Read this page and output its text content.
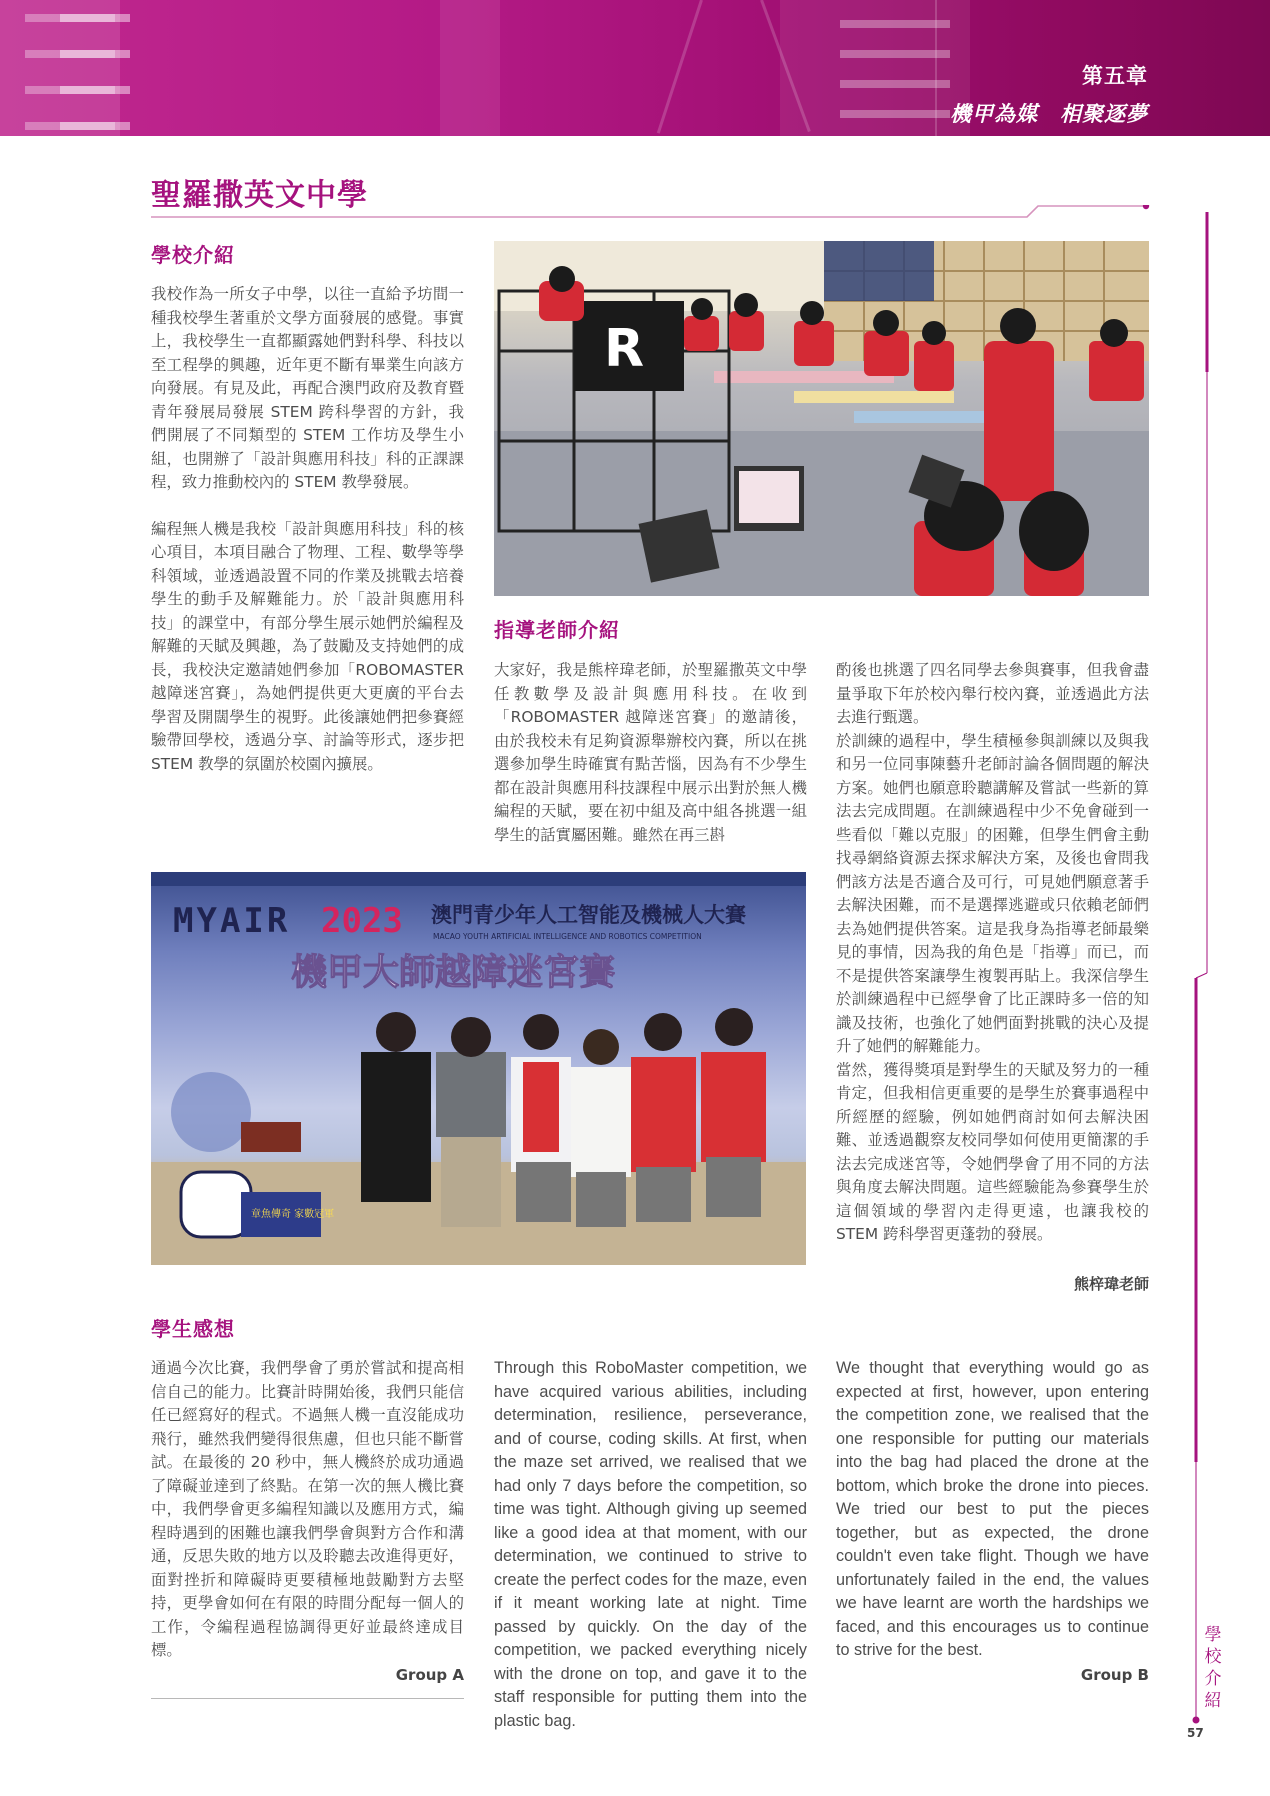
第五章
機甲為媒　相聚逐夢
聖羅撒英文中學
學
校
介
紹
57
學校介紹

我校作為一所女子中學，以往一直給予坊間一種我校學生著重於文學方面發展的感覺。事實上，我校學生一直都顯露她們對科學、科技以至工程學的興趣，近年更不斷有畢業生向該方向發展。有見及此，再配合澳門政府及教育暨青年發展局發展 STEM 跨科學習的方針，我們開展了不同類型的 STEM 工作坊及學生小組，也開辦了「設計與應用科技」科的正課課程，致力推動校內的 STEM 教學發展。

編程無人機是我校「設計與應用科技」科的核心項目，本項目融合了物理、工程、數學等學科領域，並透過設置不同的作業及挑戰去培養學生的動手及解難能力。於「設計與應用科技」的課堂中，有部分學生展示她們於編程及解難的天賦及興趣，為了鼓勵及支持她們的成長，我校決定邀請她們參加「ROBOMASTER 越障迷宮賽」，為她們提供更大更廣的平台去學習及開闊學生的視野。此後讓她們把參賽經驗帶回學校，透過分享、討論等形式，逐步把 STEM 教學的氛圍於校園內擴展。

R
指導老師介紹

大家好，我是熊梓瑋老師，於聖羅撒英文中學任教數學及設計與應用科技。在收到「ROBOMASTER 越障迷宮賽」的邀請後，由於我校未有足夠資源舉辦校內賽，所以在挑選參加學生時確實有點苦惱，因為有不少學生都在設計與應用科技課程中展示出對於無人機編程的天賦，要在初中組及高中組各挑選一組學生的話實屬困難。雖然在再三斟

酌後也挑選了四名同學去參與賽事，但我會盡量爭取下年於校內舉行校內賽，並透過此方法去進行甄選。

於訓練的過程中，學生積極參與訓練以及與我和另一位同事陳藝升老師討論各個問題的解決方案。她們也願意聆聽講解及嘗試一些新的算法去完成問題。在訓練過程中少不免會碰到一些看似「難以克服」的困難，但學生們會主動找尋網絡資源去探求解決方案，及後也會問我們該方法是否適合及可行，可見她們願意著手去解決困難，而不是選擇逃避或只依賴老師們去為她們提供答案。這是我身為指導老師最樂見的事情，因為我的角色是「指導」而已，而不是提供答案讓學生複製再貼上。我深信學生於訓練過程中已經學會了比正課時多一倍的知識及技術，也強化了她們面對挑戰的決心及提升了她們的解難能力。

當然，獲得獎項是對學生的天賦及努力的一種肯定，但我相信更重要的是學生於賽事過程中所經歷的經驗，例如她們商討如何去解決困難、並透過觀察友校同學如何使用更簡潔的手法去完成迷宮等，令她們學會了用不同的方法與角度去解決問題。這些經驗能為參賽學生於這個領域的學習內走得更遠，也讓我校的 STEM 跨科學習更蓬勃的發展。

熊梓瑋老師
MYAIR 2023 澳門青少年人工智能及機械人大賽
MACAO YOUTH ARTIFICIAL INTELLIGENCE AND ROBOTICS COMPETITION
機甲大師越障迷宮賽
章魚傳奇 家數冠軍
學生感想

通過今次比賽，我們學會了勇於嘗試和提高相信自己的能力。比賽計時開始後，我們只能信任已經寫好的程式。不過無人機一直沒能成功飛行，雖然我們變得很焦慮，但也只能不斷嘗試。在最後的 20 秒中，無人機終於成功通過了障礙並達到了終點。在第一次的無人機比賽中，我們學會更多編程知識以及應用方式，編程時遇到的困難也讓我們學會與對方合作和溝通，反思失敗的地方以及聆聽去改進得更好，面對挫折和障礙時更要積極地鼓勵對方去堅持，更學會如何在有限的時間分配每一個人的工作，令編程過程協調得更好並最終達成目標。

Group A

Through this RoboMaster competition, we have acquired various abilities, including determination, resilience, perseverance, and of course, coding skills. At first, when the maze set arrived, we realised that we had only 7 days before the competition, so time was tight. Although giving up seemed like a good idea at that moment, with our determination, we continued to strive to create the perfect codes for the maze, even if it meant working late at night. Time passed by quickly. On the day of the competition, we packed everything nicely with the drone on top, and gave it to the staff responsible for putting them into the plastic bag.

We thought that everything would go as expected at first, however, upon entering the competition zone, we realised that the one responsible for putting our materials into the bag had placed the drone at the bottom, which broke the drone into pieces. We tried our best to put the pieces together, but as expected, the drone couldn't even take flight. Though we have unfortunately failed in the end, the values we have learnt are worth the hardships we faced, and this encourages us to continue to strive for the best.

Group B
